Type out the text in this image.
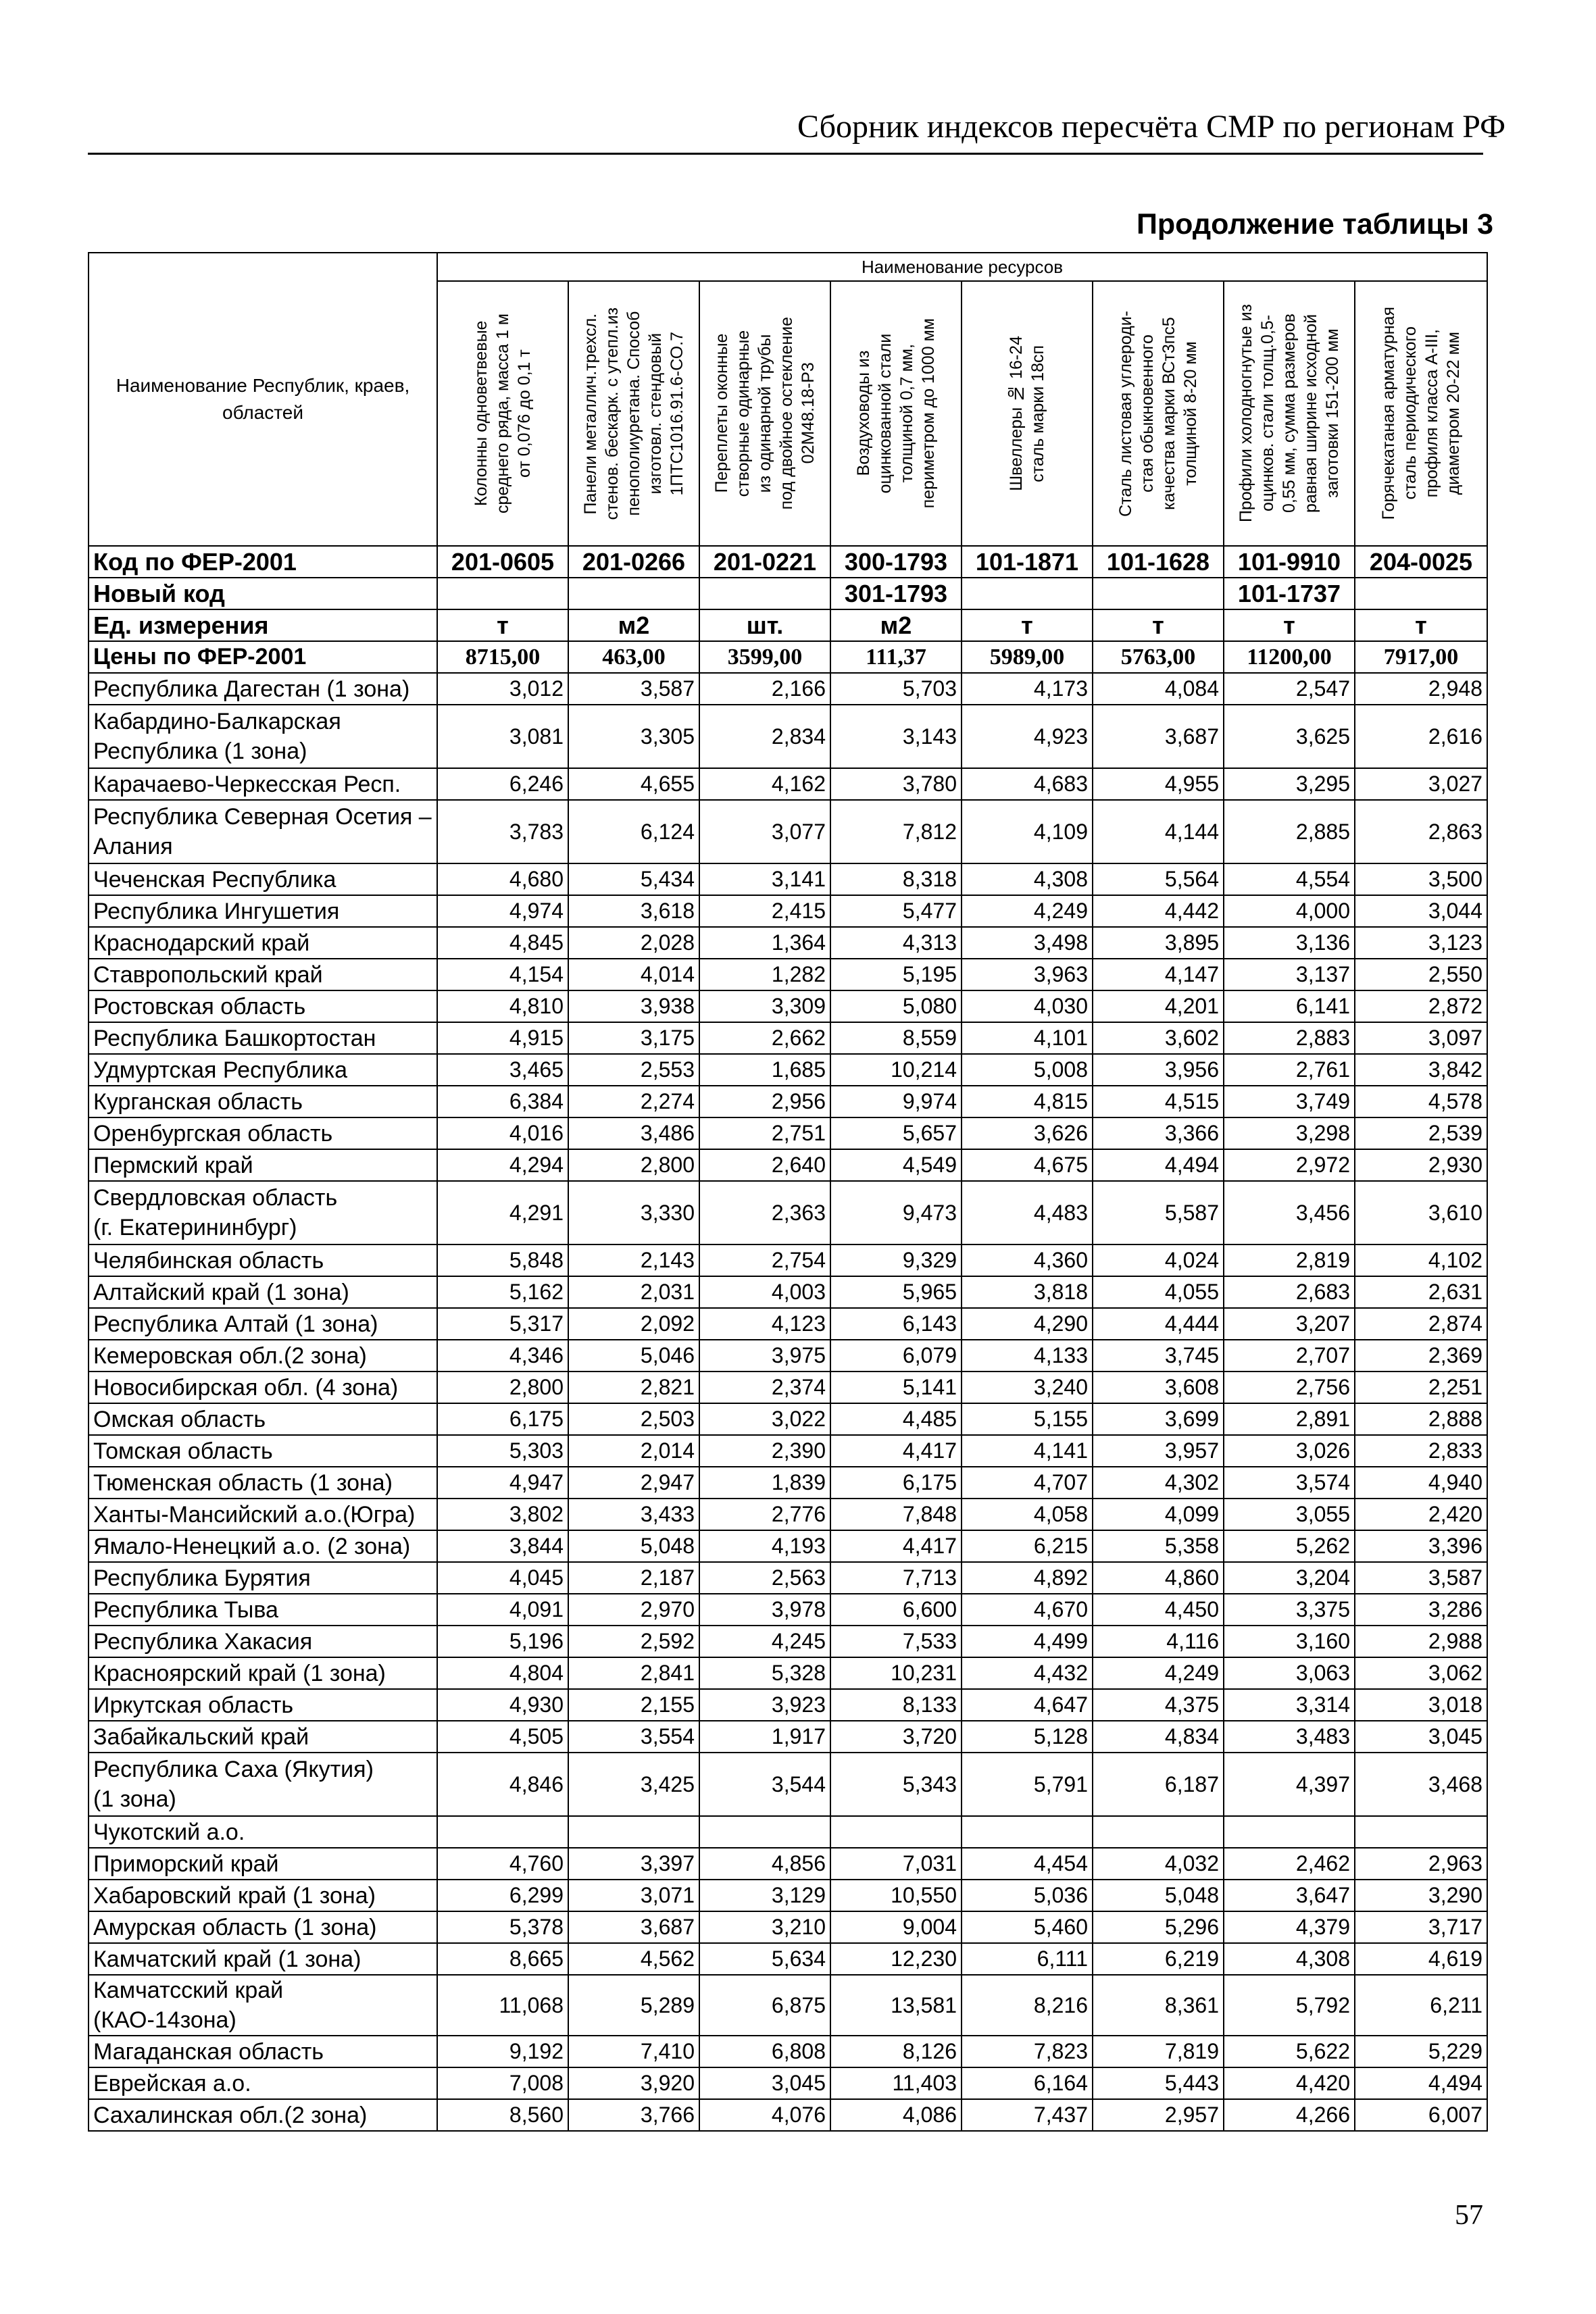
Сборник индексов пересчёта СМР по регионам РФ
Продолжение таблицы 3
Наименование Республик, краев, областей	Наименование ресурсов							

	Колонны одноветвевые
среднего ряда, масса 1 м
от 0,076 до 0,1 т	Панели металлич.трехсл.
стенов. бескарк. с утепл.из
пенополиуретана. Способ
изготовл. стендовый
1ПТС1016.91.6-СО.7	Переплеты оконные
створные одинарные
из одинарной трубы
под двойное остекление
02М48.18-Р3	Воздуховоды из
оцинкованной стали
толщиной 0,7 мм,
периметром до 1000 мм	Швеллеры № 16-24
сталь марки 18сп	Сталь листовая углероди-
стая обыкновенного
качества марки ВСт3пс5
толщиной 8-20 мм	Профили холодногнутые из
оцинков. стали толщ.0,5-
0,55 мм, сумма размеров
равная ширине исходной
заготовки 151-200 мм	Горячекатаная арматурная
сталь периодического
профиля класса А-III,
диаметром 20-22 мм

Код по ФЕР-2001	201-0605	201-0266	201-0221	300-1793	101-1871	101-1628	101-9910	204-0025
Новый код				301-1793			101-1737	
Ед. измерения	т	м2	шт.	м2	т	т	т	т
Цены по ФЕР-2001	8715,00	463,00	3599,00	111,37	5989,00	5763,00	11200,00	7917,00
Республика Дагестан (1 зона)	3,012	3,587	2,166	5,703	4,173	4,084	2,547	2,948
Кабардино-Балкарская
Республика (1 зона)	3,081	3,305	2,834	3,143	4,923	3,687	3,625	2,616
Карачаево-Черкесская Респ.	6,246	4,655	4,162	3,780	4,683	4,955	3,295	3,027
Республика Северная Осетия –
Алания	3,783	6,124	3,077	7,812	4,109	4,144	2,885	2,863
Чеченская Республика	4,680	5,434	3,141	8,318	4,308	5,564	4,554	3,500
Республика Ингушетия	4,974	3,618	2,415	5,477	4,249	4,442	4,000	3,044
Краснодарский край	4,845	2,028	1,364	4,313	3,498	3,895	3,136	3,123
Ставропольский край	4,154	4,014	1,282	5,195	3,963	4,147	3,137	2,550
Ростовская область	4,810	3,938	3,309	5,080	4,030	4,201	6,141	2,872
Республика Башкортостан	4,915	3,175	2,662	8,559	4,101	3,602	2,883	3,097
Удмуртская Республика	3,465	2,553	1,685	10,214	5,008	3,956	2,761	3,842
Курганская область	6,384	2,274	2,956	9,974	4,815	4,515	3,749	4,578
Оренбургская область	4,016	3,486	2,751	5,657	3,626	3,366	3,298	2,539
Пермский край	4,294	2,800	2,640	4,549	4,675	4,494	2,972	2,930
Свердловская область
(г. Екатерининбург)	4,291	3,330	2,363	9,473	4,483	5,587	3,456	3,610
Челябинская область	5,848	2,143	2,754	9,329	4,360	4,024	2,819	4,102
Алтайский край (1 зона)	5,162	2,031	4,003	5,965	3,818	4,055	2,683	2,631
Республика Алтай (1 зона)	5,317	2,092	4,123	6,143	4,290	4,444	3,207	2,874
Кемеровская обл.(2 зона)	4,346	5,046	3,975	6,079	4,133	3,745	2,707	2,369
Новосибирская обл. (4 зона)	2,800	2,821	2,374	5,141	3,240	3,608	2,756	2,251
Омская область	6,175	2,503	3,022	4,485	5,155	3,699	2,891	2,888
Томская область	5,303	2,014	2,390	4,417	4,141	3,957	3,026	2,833
Тюменская область (1 зона)	4,947	2,947	1,839	6,175	4,707	4,302	3,574	4,940
Ханты-Мансийский а.о.(Югра)	3,802	3,433	2,776	7,848	4,058	4,099	3,055	2,420
Ямало-Ненецкий а.о. (2 зона)	3,844	5,048	4,193	4,417	6,215	5,358	5,262	3,396
Республика Бурятия	4,045	2,187	2,563	7,713	4,892	4,860	3,204	3,587
Республика Тыва	4,091	2,970	3,978	6,600	4,670	4,450	3,375	3,286
Республика Хакасия	5,196	2,592	4,245	7,533	4,499	4,116	3,160	2,988
Красноярский край (1 зона)	4,804	2,841	5,328	10,231	4,432	4,249	3,063	3,062
Иркутская область	4,930	2,155	3,923	8,133	4,647	4,375	3,314	3,018
Забайкальский край	4,505	3,554	1,917	3,720	5,128	4,834	3,483	3,045
Республика Саха (Якутия)
(1 зона)	4,846	3,425	3,544	5,343	5,791	6,187	4,397	3,468
Чукотский а.о.								
Приморский край	4,760	3,397	4,856	7,031	4,454	4,032	2,462	2,963
Хабаровский край (1 зона)	6,299	3,071	3,129	10,550	5,036	5,048	3,647	3,290
Амурская область (1 зона)	5,378	3,687	3,210	9,004	5,460	5,296	4,379	3,717
Камчатский край (1 зона)	8,665	4,562	5,634	12,230	6,111	6,219	4,308	4,619
Камчатсский край (КАО-14зона)	11,068	5,289	6,875	13,581	8,216	8,361	5,792	6,211
Магаданская область	9,192	7,410	6,808	8,126	7,823	7,819	5,622	5,229
Еврейская а.о.	7,008	3,920	3,045	11,403	6,164	5,443	4,420	4,494
Сахалинская обл.(2 зона)	8,560	3,766	4,076	4,086	7,437	2,957	4,266	6,007
57
